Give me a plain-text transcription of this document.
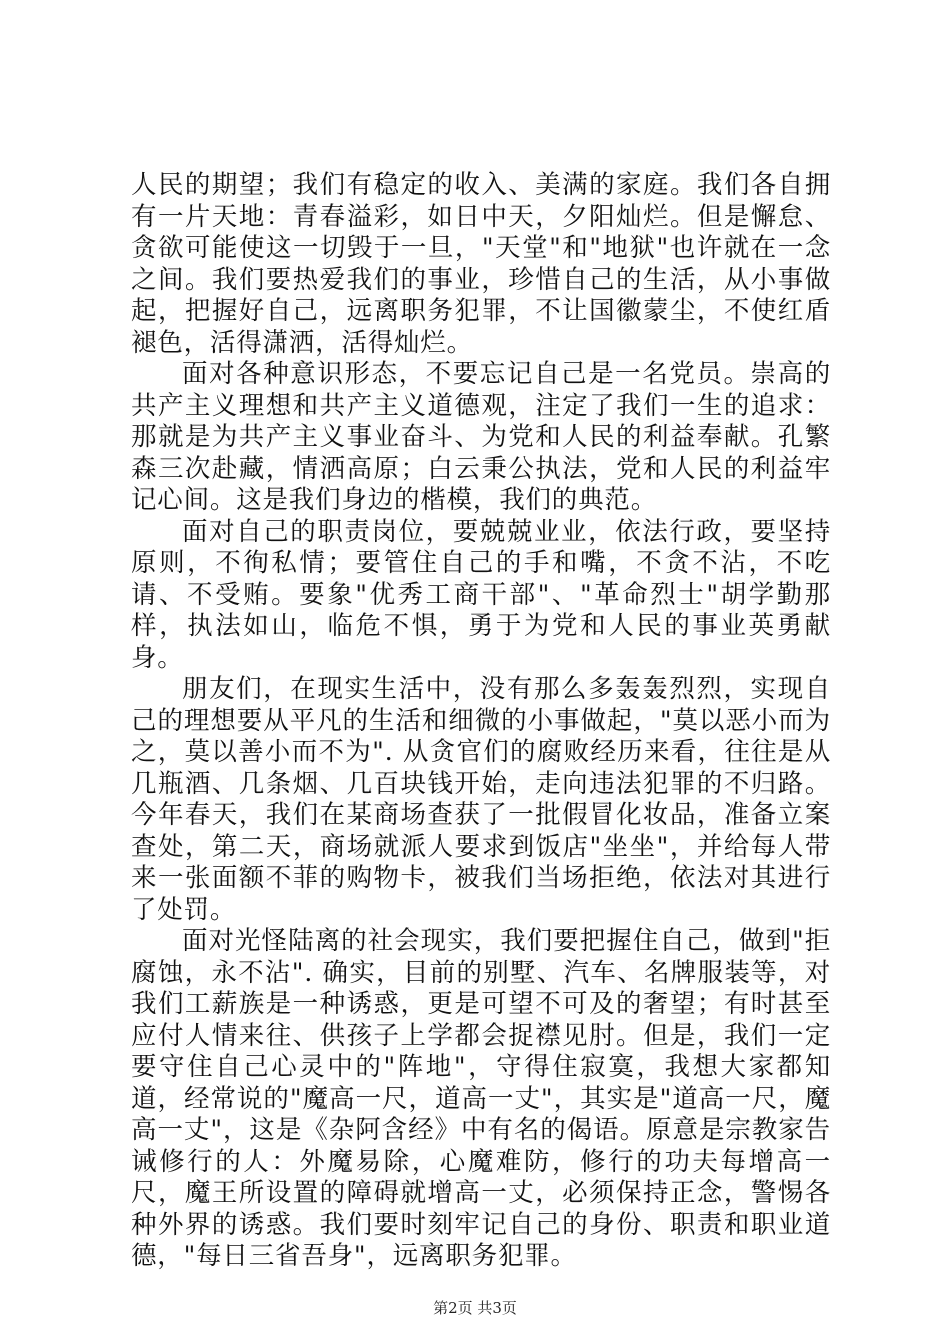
人民的期望；我们有稳定的收入、美满的家庭。我们各自拥有一片天地：青春溢彩，如日中天，夕阳灿烂。但是懈怠、贪欲可能使这一切毁于一旦，"天堂"和"地狱"也许就在一念之间。我们要热爱我们的事业，珍惜自己的生活，从小事做起，把握好自己，远离职务犯罪，不让国徽蒙尘，不使红盾褪色，活得潇洒，活得灿烂。

面对各种意识形态，不要忘记自己是一名党员。崇高的共产主义理想和共产主义道德观，注定了我们一生的追求：那就是为共产主义事业奋斗、为党和人民的利益奉献。孔繁森三次赴藏，情洒高原；白云秉公执法，党和人民的利益牢记心间。这是我们身边的楷模，我们的典范。

面对自己的职责岗位，要兢兢业业，依法行政，要坚持原则，不徇私情；要管住自己的手和嘴，不贪不沾，不吃请、不受贿。要象"优秀工商干部"、"革命烈士"胡学勤那样，执法如山，临危不惧，勇于为党和人民的事业英勇献身。

朋友们，在现实生活中，没有那么多轰轰烈烈，实现自己的理想要从平凡的生活和细微的小事做起，"莫以恶小而为之，莫以善小而不为". 从贪官们的腐败经历来看，往往是从几瓶酒、几条烟、几百块钱开始，走向违法犯罪的不归路。今年春天，我们在某商场查获了一批假冒化妆品，准备立案查处，第二天，商场就派人要求到饭店"坐坐"，并给每人带来一张面额不菲的购物卡，被我们当场拒绝，依法对其进行了处罚。

面对光怪陆离的社会现实，我们要把握住自己，做到"拒腐蚀，永不沾". 确实，目前的别墅、汽车、名牌服装等，对我们工薪族是一种诱惑，更是可望不可及的奢望；有时甚至应付人情来往、供孩子上学都会捉襟见肘。但是，我们一定要守住自己心灵中的"阵地"，守得住寂寞，我想大家都知道，经常说的"魔高一尺，道高一丈"，其实是"道高一尺，魔高一丈"，这是《杂阿含经》中有名的偈语。原意是宗教家告诫修行的人：外魔易除，心魔难防，修行的功夫每增高一尺，魔王所设置的障碍就增高一丈，必须保持正念，警惕各种外界的诱惑。我们要时刻牢记自己的身份、职责和职业道德，"每日三省吾身"，远离职务犯罪。

第2页 共3页
